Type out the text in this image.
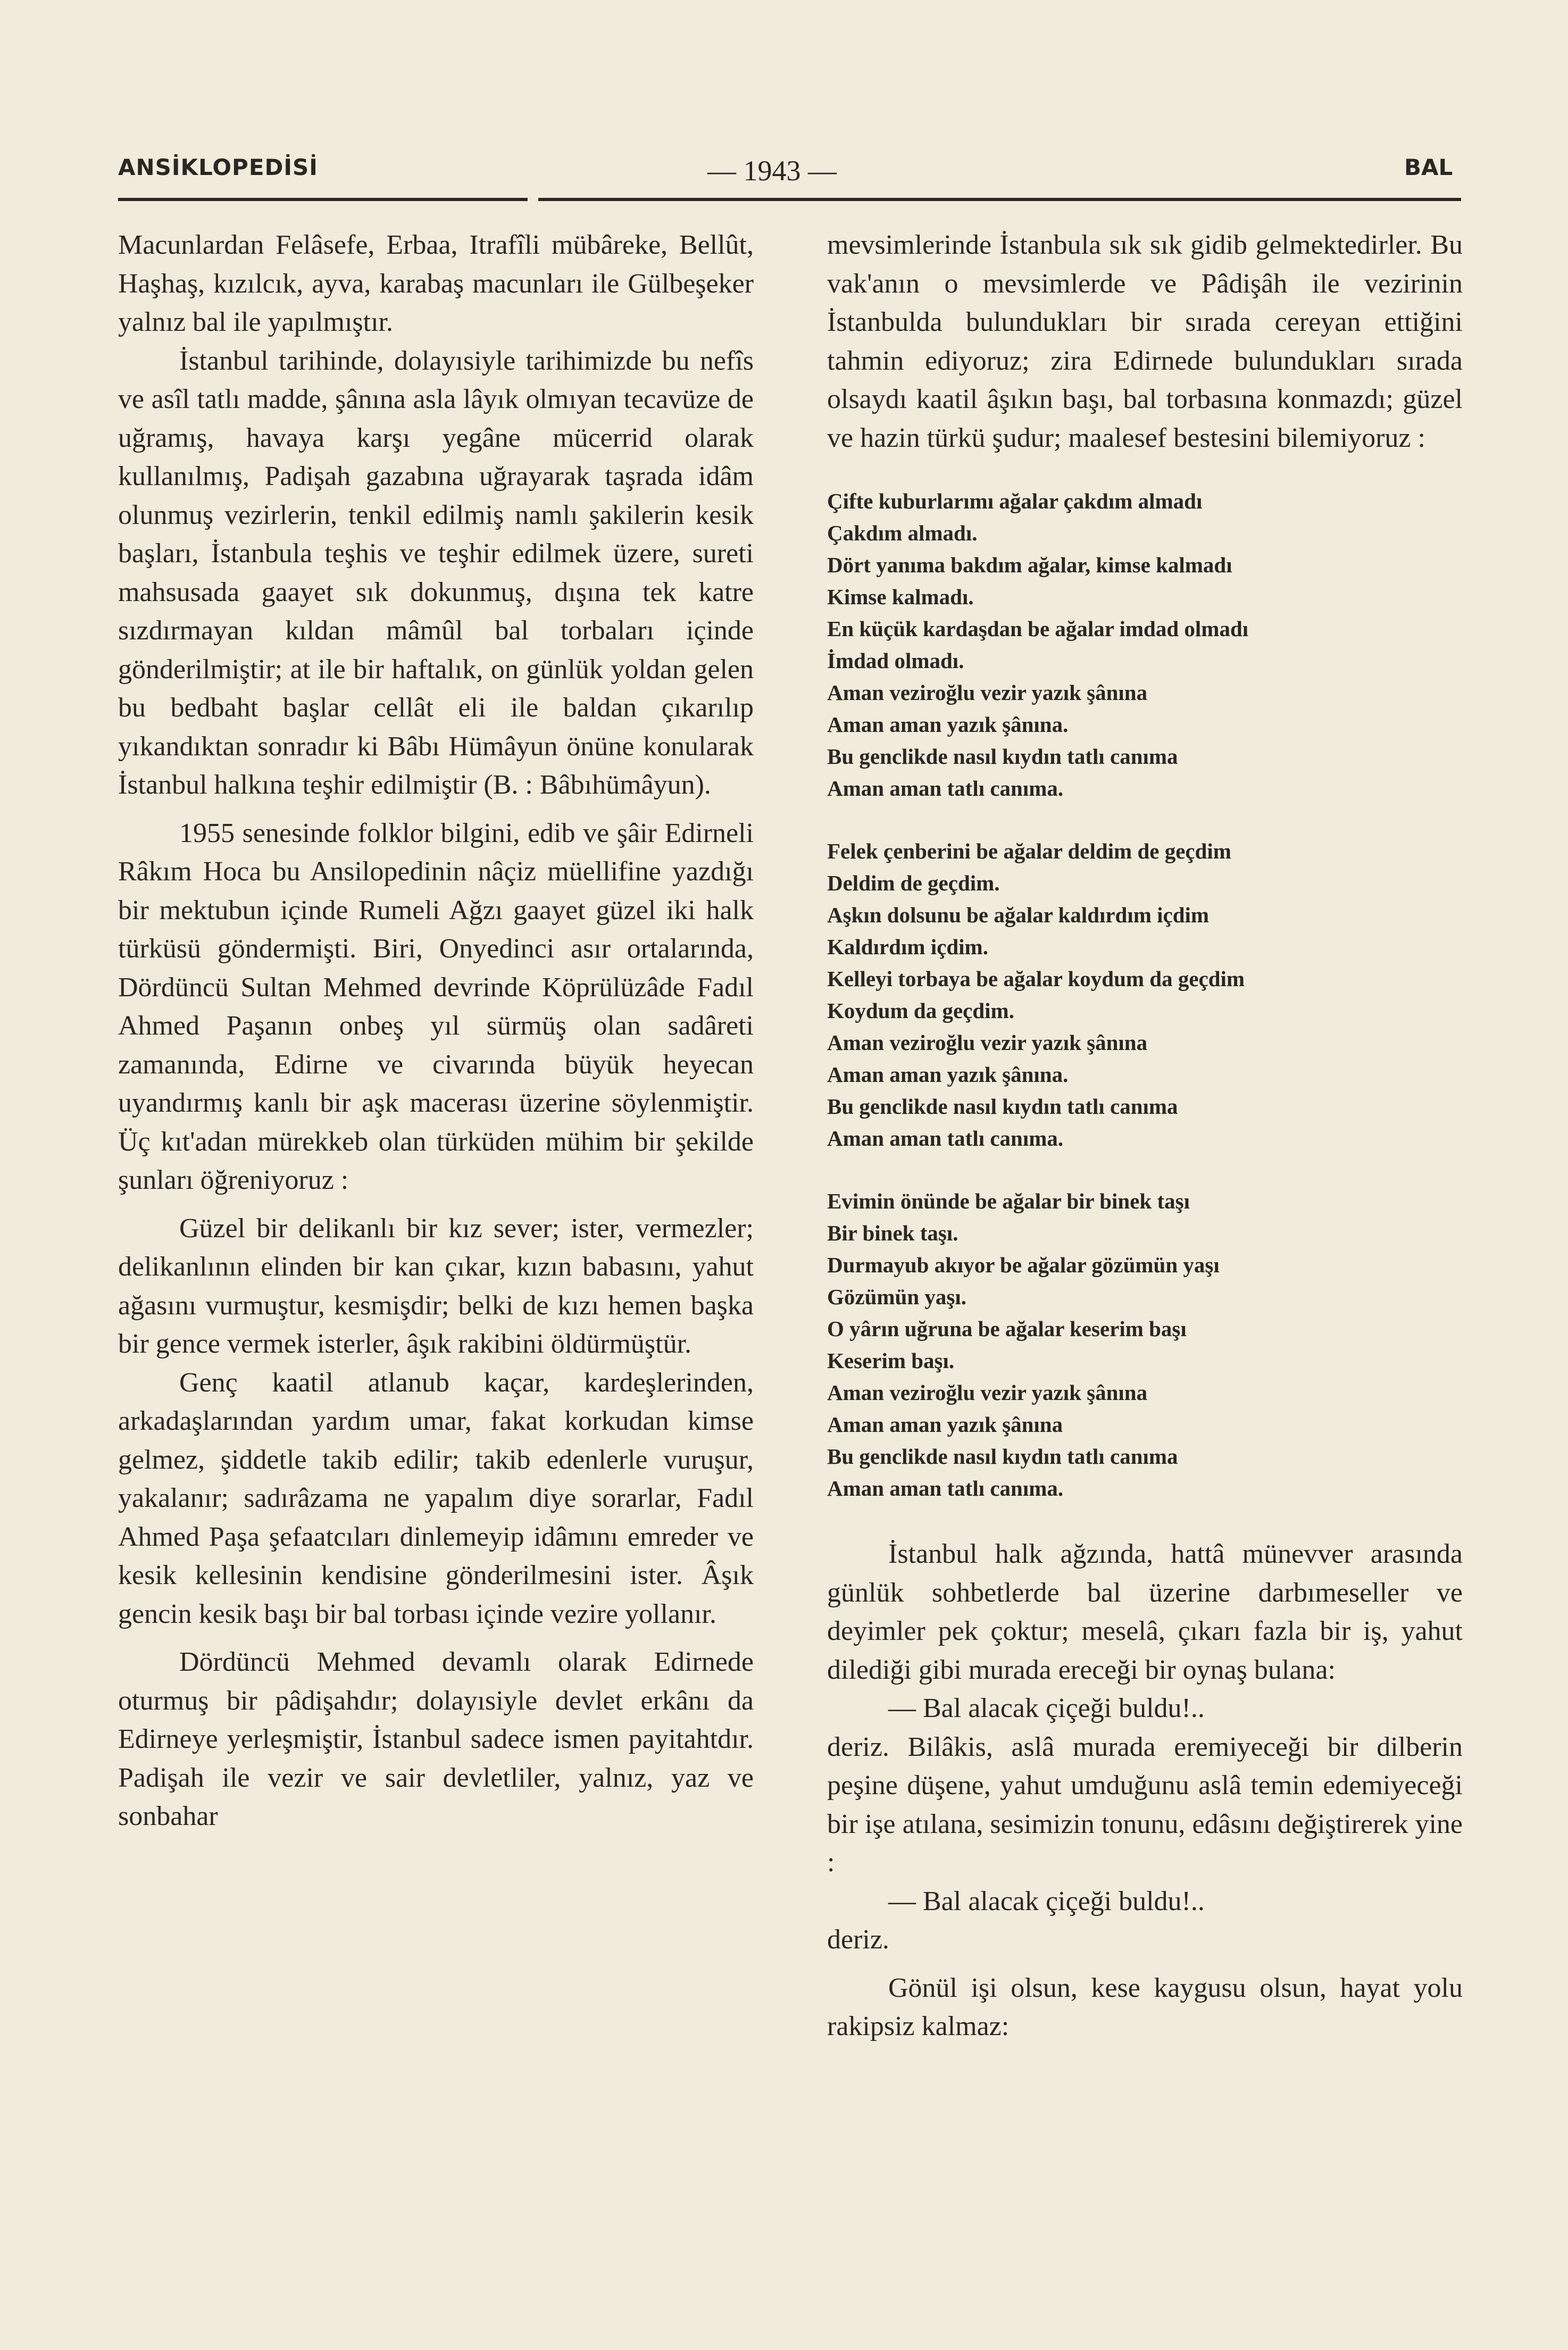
ANSİKLOPEDİSİ	— 1943 —	BAL

Macunlardan Felâsefe, Erbaa, Itrafîli mübâreke, Bellût, Haşhaş, kızılcık, ayva, karabaş macunları ile Gülbeşeker yalnız bal ile yapılmıştır.

İstanbul tarihinde, dolayısiyle tarihimizde bu nefîs ve asîl tatlı madde, şânına asla lâyık olmıyan tecavüze de uğramış, havaya karşı yegâne mücerrid olarak kullanılmış, Padişah gazabına uğrayarak taşrada idâm olunmuş vezirlerin, tenkil edilmiş namlı şakilerin kesik başları, İstanbula teşhis ve teşhir edilmek üzere, sureti mahsusada gaayet sık dokunmuş, dışına tek katre sızdırmayan kıldan mâmûl bal torbaları içinde gönderilmiştir; at ile bir haftalık, on günlük yoldan gelen bu bedbaht başlar cellât eli ile baldan çıkarılıp yıkandıktan sonradır ki Bâbı Hümâyun önüne konularak İstanbul halkına teşhir edilmiştir (B. : Bâbıhümâyun).

1955 senesinde folklor bilgini, edib ve şâir Edirneli Râkım Hoca bu Ansilopedinin nâçiz müellifine yazdığı bir mektubun içinde Rumeli Ağzı gaayet güzel iki halk türküsü göndermişti. Biri, Onyedinci asır ortalarında, Dördüncü Sultan Mehmed devrinde Köprülüzâde Fadıl Ahmed Paşanın onbeş yıl sürmüş olan sadâreti zamanında, Edirne ve civarında büyük heyecan uyandırmış kanlı bir aşk macerası üzerine söylenmiştir. Üç kıt'adan mürekkeb olan türküden mühim bir şekilde şunları öğreniyoruz :

Güzel bir delikanlı bir kız sever; ister, vermezler; delikanlının elinden bir kan çıkar, kızın babasını, yahut ağasını vurmuştur, kesmişdir; belki de kızı hemen başka bir gence vermek isterler, âşık rakibini öldürmüştür.

Genç kaatil atlanub kaçar, kardeşlerinden, arkadaşlarından yardım umar, fakat korkudan kimse gelmez, şiddetle takib edilir; takib edenlerle vuruşur, yakalanır; sadırâzama ne yapalım diye sorarlar, Fadıl Ahmed Paşa şefaatcıları dinlemeyip idâmını emreder ve kesik kellesinin kendisine gönderilmesini ister. Âşık gencin kesik başı bir bal torbası içinde vezire yollanır.

Dördüncü Mehmed devamlı olarak Edirnede oturmuş bir pâdişahdır; dolayısiyle devlet erkânı da Edirneye yerleşmiştir, İstanbul sadece ismen payitahtdır. Padişah ile vezir ve sair devletliler, yalnız, yaz ve sonbahar

mevsimlerinde İstanbula sık sık gidib gelmektedirler. Bu vak'anın o mevsimlerde ve Pâdişâh ile vezirinin İstanbulda bulundukları bir sırada cereyan ettiğini tahmin ediyoruz; zira Edirnede bulundukları sırada olsaydı kaatil âşıkın başı, bal torbasına konmazdı; güzel ve hazin türkü şudur; maalesef bestesini bilemiyoruz :

Çifte kuburlarımı ağalar çakdım almadı
Çakdım almadı.
Dört yanıma bakdım ağalar, kimse kalmadı
Kimse kalmadı.
En küçük kardaşdan be ağalar imdad olmadı
İmdad olmadı.
Aman veziroğlu vezir yazık şânına
Aman aman yazık şânına.
Bu genclikde nasıl kıydın tatlı canıma
Aman aman tatlı canıma.
Felek çenberini be ağalar deldim de geçdim
Deldim de geçdim.
Aşkın dolsunu be ağalar kaldırdım içdim
Kaldırdım içdim.
Kelleyi torbaya be ağalar koydum da geçdim
Koydum da geçdim.
Aman veziroğlu vezir yazık şânına
Aman aman yazık şânına.
Bu genclikde nasıl kıydın tatlı canıma
Aman aman tatlı canıma.
Evimin önünde be ağalar bir binek taşı
Bir binek taşı.
Durmayub akıyor be ağalar gözümün yaşı
Gözümün yaşı.
O yârın uğruna be ağalar keserim başı
Keserim başı.
Aman veziroğlu vezir yazık şânına
Aman aman yazık şânına
Bu genclikde nasıl kıydın tatlı canıma
Aman aman tatlı canıma.

İstanbul halk ağzında, hattâ münevver arasında günlük sohbetlerde bal üzerine darbımeseller ve deyimler pek çoktur; meselâ, çıkarı fazla bir iş, yahut dilediği gibi murada ereceği bir oynaş bulana:

— Bal alacak çiçeği buldu!..

deriz. Bilâkis, aslâ murada eremiyeceği bir dilberin peşine düşene, yahut umduğunu aslâ temin edemiyeceği bir işe atılana, sesimizin tonunu, edâsını değiştirerek yine :

— Bal alacak çiçeği buldu!..

deriz.

Gönül işi olsun, kese kaygusu olsun, hayat yolu rakipsiz kalmaz:
